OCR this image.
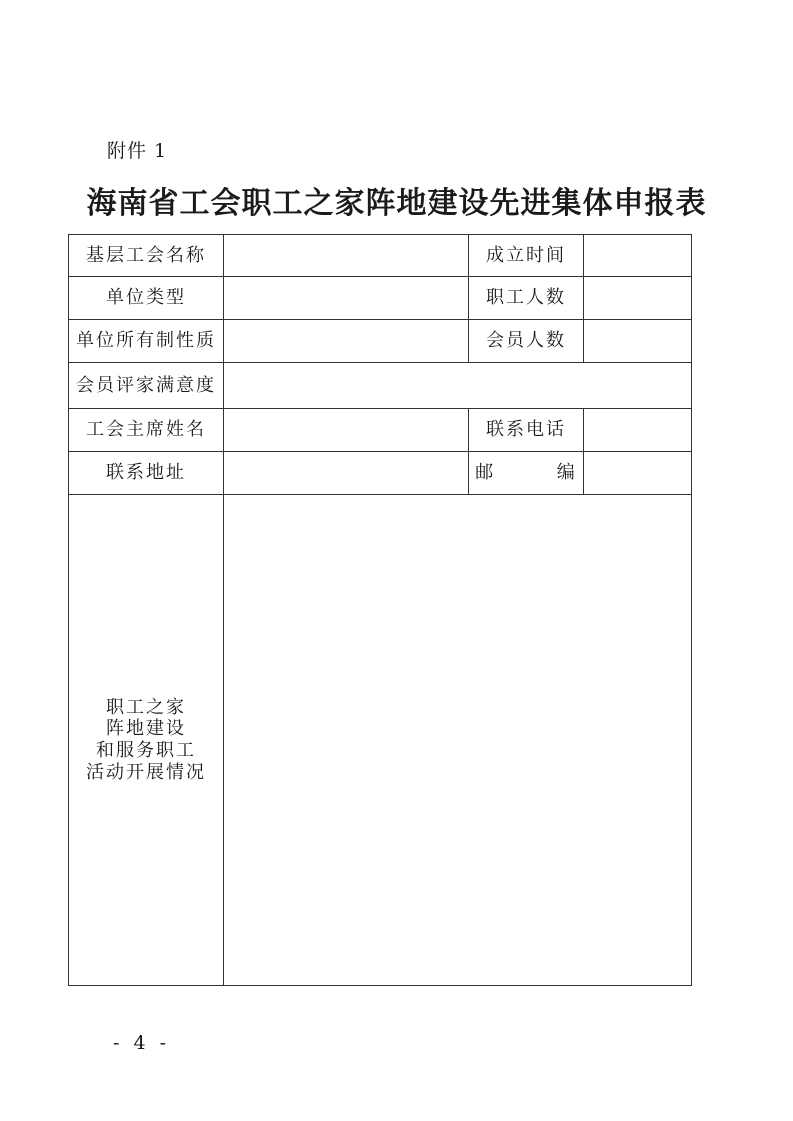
附件 1
海南省工会职工之家阵地建设先进集体申报表
基层工会名称		成立时间	
单位类型		职工人数	
单位所有制性质		会员人数	
会员评家满意度			
工会主席姓名		联系电话	
联系地址		邮 编	

职工之家
阵地建设
和服务职工
活动开展情况			

- 4 -
